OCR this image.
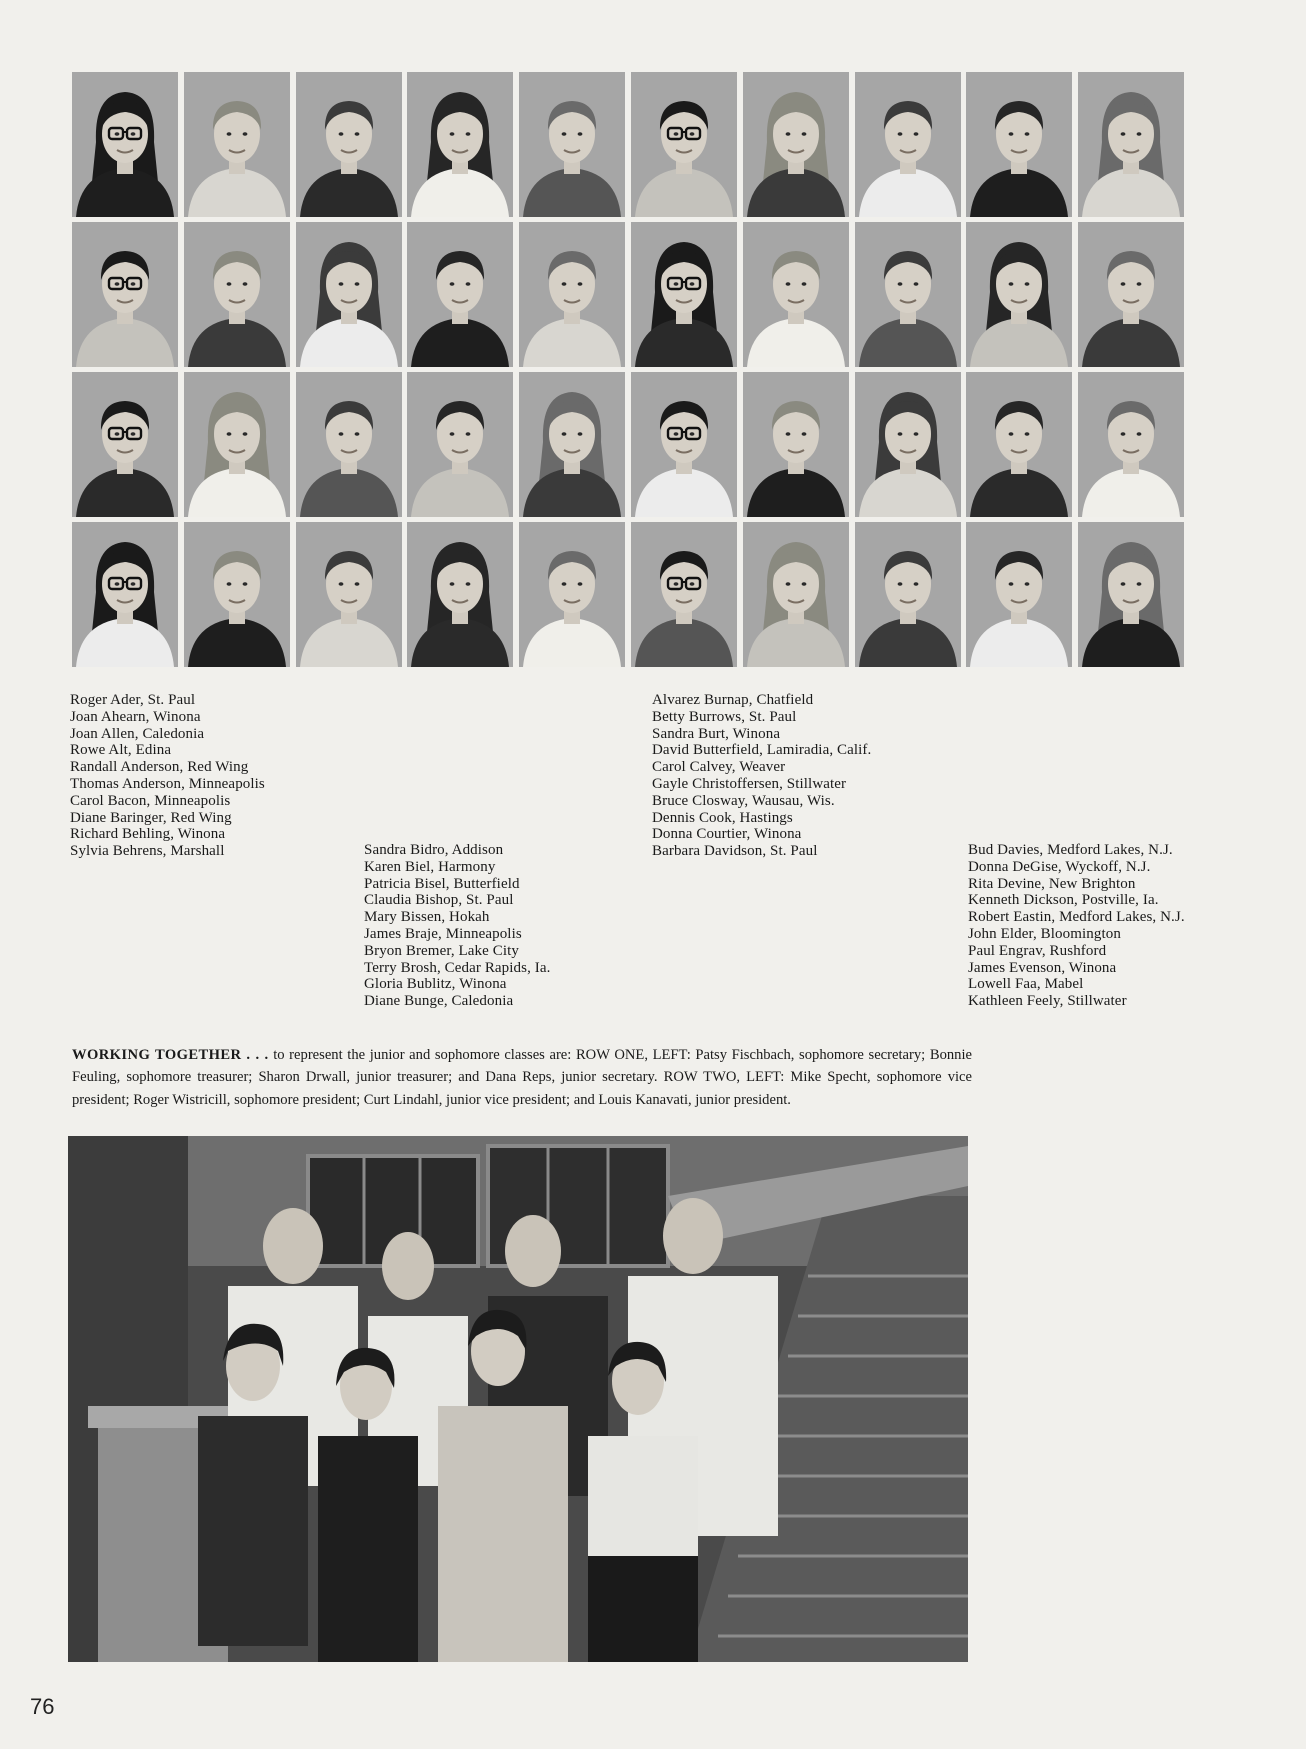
Roger Ader, St. Paul
Joan Ahearn, Winona
Joan Allen, Caledonia
Rowe Alt, Edina
Randall Anderson, Red Wing
Thomas Anderson, Minneapolis
Carol Bacon, Minneapolis
Diane Baringer, Red Wing
Richard Behling, Winona
Sylvia Behrens, Marshall	Sandra Bidro, Addison
Karen Biel, Harmony
Patricia Bisel, Butterfield
Claudia Bishop, St. Paul
Mary Bissen, Hokah
James Braje, Minneapolis
Bryon Bremer, Lake City
Terry Brosh, Cedar Rapids, Ia.
Gloria Bublitz, Winona
Diane Bunge, Caledonia
Alvarez Burnap, Chatfield
Betty Burrows, St. Paul
Sandra Burt, Winona
David Butterfield, Lamiradia, Calif.
Carol Calvey, Weaver
Gayle Christoffersen, Stillwater
Bruce Closway, Wausau, Wis.
Dennis Cook, Hastings
Donna Courtier, Winona
Barbara Davidson, St. Paul	Bud Davies, Medford Lakes, N.J.
Donna DeGise, Wyckoff, N.J.
Rita Devine, New Brighton
Kenneth Dickson, Postville, Ia.
Robert Eastin, Medford Lakes, N.J.
John Elder, Bloomington
Paul Engrav, Rushford
James Evenson, Winona
Lowell Faa, Mabel
Kathleen Feely, Stillwater

WORKING TOGETHER . . . to represent the junior and sophomore classes are: ROW ONE, LEFT: Patsy Fischbach, sophomore secretary; Bonnie Feuling, sophomore treasurer; Sharon Drwall, junior treasurer; and Dana Reps, junior secretary. ROW TWO, LEFT: Mike Specht, sophomore vice president; Roger Wistricill, sophomore president; Curt Lindahl, junior vice president; and Louis Kanavati, junior president.

76
